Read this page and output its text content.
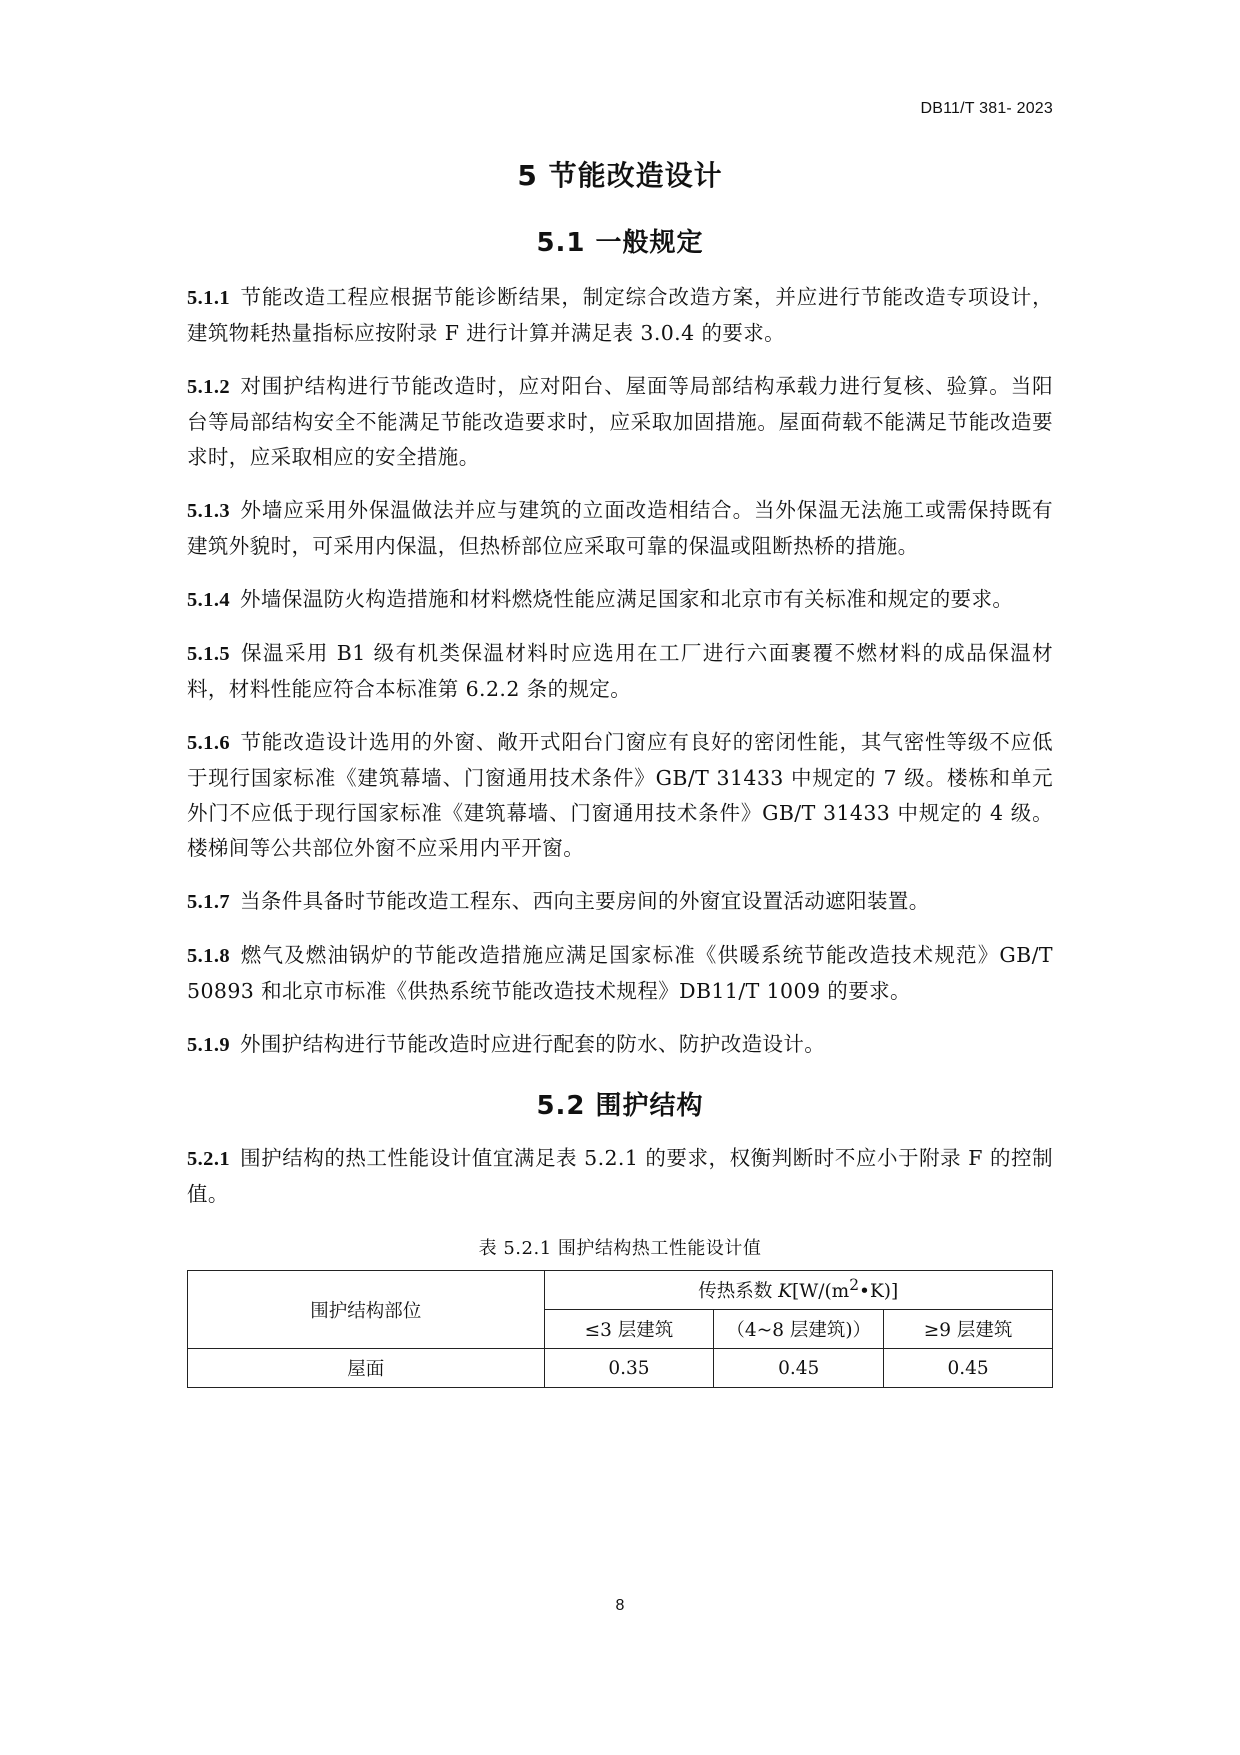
DB11/T 381- 2023
5 节能改造设计
5.1 一般规定

5.1.1 节能改造工程应根据节能诊断结果，制定综合改造方案，并应进行节能改造专项设计，建筑物耗热量指标应按附录 F 进行计算并满足表 3.0.4 的要求。

5.1.2 对围护结构进行节能改造时，应对阳台、屋面等局部结构承载力进行复核、验算。当阳台等局部结构安全不能满足节能改造要求时，应采取加固措施。屋面荷载不能满足节能改造要求时，应采取相应的安全措施。

5.1.3 外墙应采用外保温做法并应与建筑的立面改造相结合。当外保温无法施工或需保持既有建筑外貌时，可采用内保温，但热桥部位应采取可靠的保温或阻断热桥的措施。

5.1.4 外墙保温防火构造措施和材料燃烧性能应满足国家和北京市有关标准和规定的要求。

5.1.5 保温采用 B1 级有机类保温材料时应选用在工厂进行六面裹覆不燃材料的成品保温材料，材料性能应符合本标准第 6.2.2 条的规定。

5.1.6 节能改造设计选用的外窗、敞开式阳台门窗应有良好的密闭性能，其气密性等级不应低于现行国家标准《建筑幕墙、门窗通用技术条件》GB/T 31433 中规定的 7 级。楼栋和单元外门不应低于现行国家标准《建筑幕墙、门窗通用技术条件》GB/T 31433 中规定的 4 级。楼梯间等公共部位外窗不应采用内平开窗。

5.1.7 当条件具备时节能改造工程东、西向主要房间的外窗宜设置活动遮阳装置。

5.1.8 燃气及燃油锅炉的节能改造措施应满足国家标准《供暖系统节能改造技术规范》GB/T 50893 和北京市标准《供热系统节能改造技术规程》DB11/T 1009 的要求。

5.1.9 外围护结构进行节能改造时应进行配套的防水、防护改造设计。

5.2 围护结构

5.2.1 围护结构的热工性能设计值宜满足表 5.2.1 的要求，权衡判断时不应小于附录 F 的控制值。

表 5.2.1 围护结构热工性能设计值
围护结构部位	传热系数 $K[W/(m^2•K)]$		
	≤3 层建筑	（4~8 层建筑)）	≥9 层建筑
屋面	0.35	0.45	0.45
8
